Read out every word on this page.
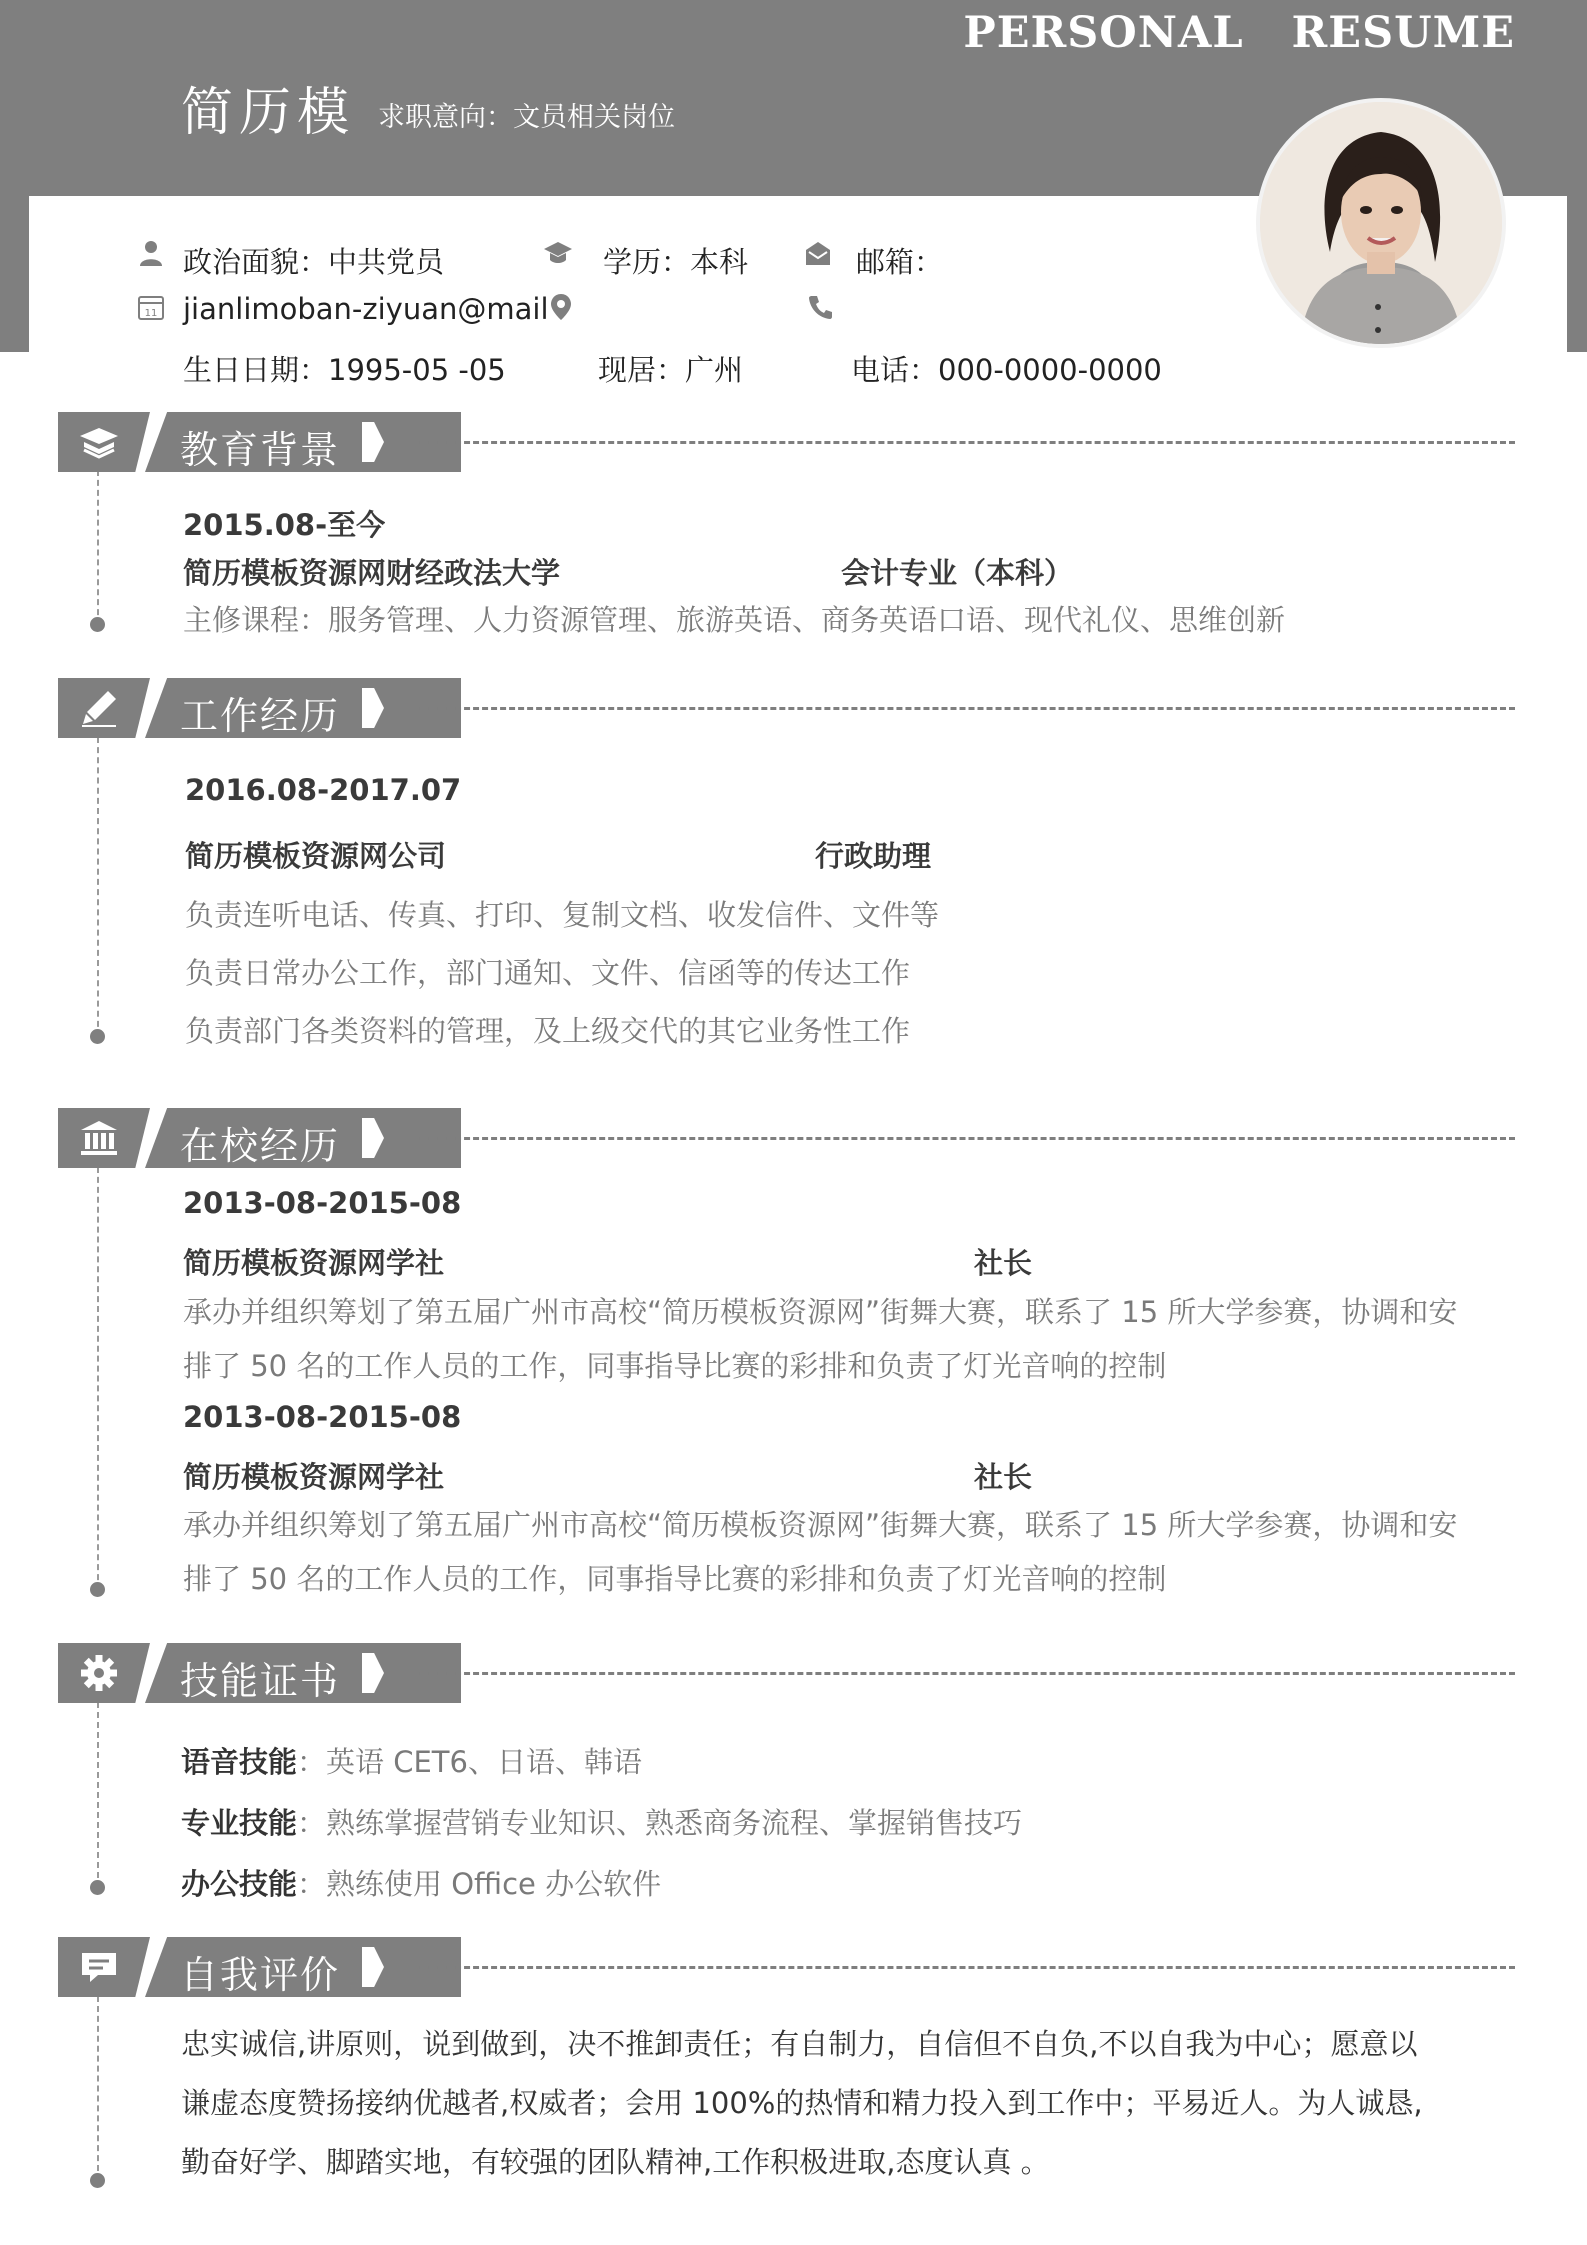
PERSONAL   RESUME
简历模 求职意向：文员相关岗位
政治面貌：中共党员	学历：本科	邮箱：
11 jianlimoban-ziyuan@mail
生日日期：1995-05 -05	现居：广州	电话：000-0000-0000
教育背景
2015.08-至今
简历模板资源网财经政法大学	会计专业（本科）
主修课程：服务管理、人力资源管理、旅游英语、商务英语口语、现代礼仪、思维创新
工作经历
2016.08-2017.07
简历模板资源网公司	行政助理
负责连听电话、传真、打印、复制文档、收发信件、文件等
负责日常办公工作，部门通知、文件、信函等的传达工作
负责部门各类资料的管理，及上级交代的其它业务性工作
在校经历
2013-08-2015-08
简历模板资源网学社	社长
承办并组织筹划了第五届广州市高校“简历模板资源网”街舞大赛，联系了 15 所大学参赛，协调和安排了 50 名的工作人员的工作，同事指导比赛的彩排和负责了灯光音响的控制
2013-08-2015-08
简历模板资源网学社	社长
承办并组织筹划了第五届广州市高校“简历模板资源网”街舞大赛，联系了 15 所大学参赛，协调和安排了 50 名的工作人员的工作，同事指导比赛的彩排和负责了灯光音响的控制
技能证书
语音技能：英语 CET6、日语、韩语
专业技能：熟练掌握营销专业知识、熟悉商务流程、掌握销售技巧
办公技能：熟练使用 Office 办公软件
自我评价
忠实诚信,讲原则，说到做到，决不推卸责任；有自制力，自信但不自负,不以自我为中心；愿意以谦虚态度赞扬接纳优越者,权威者；会用 100%的热情和精力投入到工作中；平易近人。为人诚恳,勤奋好学、脚踏实地，有较强的团队精神,工作积极进取,态度认真 。
